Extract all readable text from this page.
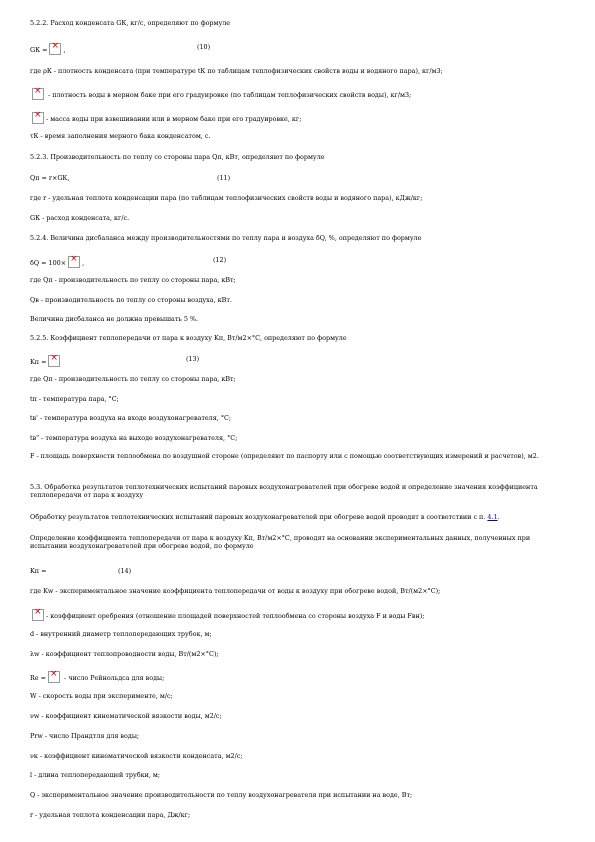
5.2.2. Расход конденсата GК, кг/с, определяют по формуле
GК = ×	,	(10)
где ρК - плотность конденсата (при температуре tК по таблицам теплофизических свойств воды и водяного пара), кг/м3;
× - плотность воды в мерном баке при его градуировке (по таблицам теплофизических свойств воды), кг/м3;
×- масса воды при взвешивании или в мерном баке при его градуировке, кг;
τК - время заполнения мерного бака конденсатом, с.
5.2.3. Производительность по теплу со стороны пара Qп, кВт, определяют по формуле
Qп = r×GК,	(11)
где r - удельная теплота конденсации пара (по таблицам теплофизических свойств воды и водяного пара), кДж/кг;
GК - расход конденсата, кг/с.
5.2.4. Величина дисбаланса между производительностями по теплу пара и воздуха δQ, %, определяют по формуле
δQ = 100× ×	,	(12)
где Qп - производительность по теплу со стороны пара, кВт;
Qв - производительность по теплу со стороны воздуха, кВт.
Величина дисбаланса не должна превышать 5 %.
5.2.5. Коэффициент теплопередачи от пара к воздуху Kп, Вт/м2×°С, определяют по формуле
Kп = ×	(13)
где Qп - производительность по теплу со стороны пара, кВт;
tп - температура пара, °С;
tв' - температура воздуха на входе воздухонагревателя, °С;
tв" - температура воздуха на выходе воздухонагревателя, °С;
F - площадь поверхности теплообмена по воздушной стороне (определяют по паспорту или с помощью соответствующих измерений и расчетов), м2.
5.3. Обработка результатов теплотехнических испытаний паровых воздухонагревателей при обогреве водой и определение значения коэффициента теплопередачи от пара к воздуху
Обработку результатов теплотехнических испытаний паровых воздухонагревателей при обогреве водой проводят в соответствии с п. 4.1.
Определение коэффициента теплопередачи от пара к воздуху Kп, Вт/м2×°С, проводят на основании экспериментальных данных, полученных при испытании воздухонагревателей при обогреве водой, по формуле
Kп =	(14)
где Kw - экспериментальное значение коэффициента теплопередачи от воды к воздуху при обогреве водой, Вт/(м2×°С);
×- коэффициент оребрения (отношение площадей поверхностей теплообмена со стороны воздуха F и воды Fвн);
d - внутренний диаметр теплопередающих трубок, м;
λw - коэффициент теплопроводности воды, Вт/(м2×°С);
Rе = ×	- число Рейнольдса для воды;
W - скорость воды при эксперименте, м/с;
νw - коэффициент кинематической вязкости воды, м2/с;
Prw - число Прандтля для воды;
νк - коэффициент кинематической вязкости конденсата, м2/с;
l - длина теплопередающей трубки, м;
Q - экспериментальное значение производительности по теплу воздухонагревателя при испытании на воде, Вт;
r - удельная теплота конденсации пара, Дж/кг;
